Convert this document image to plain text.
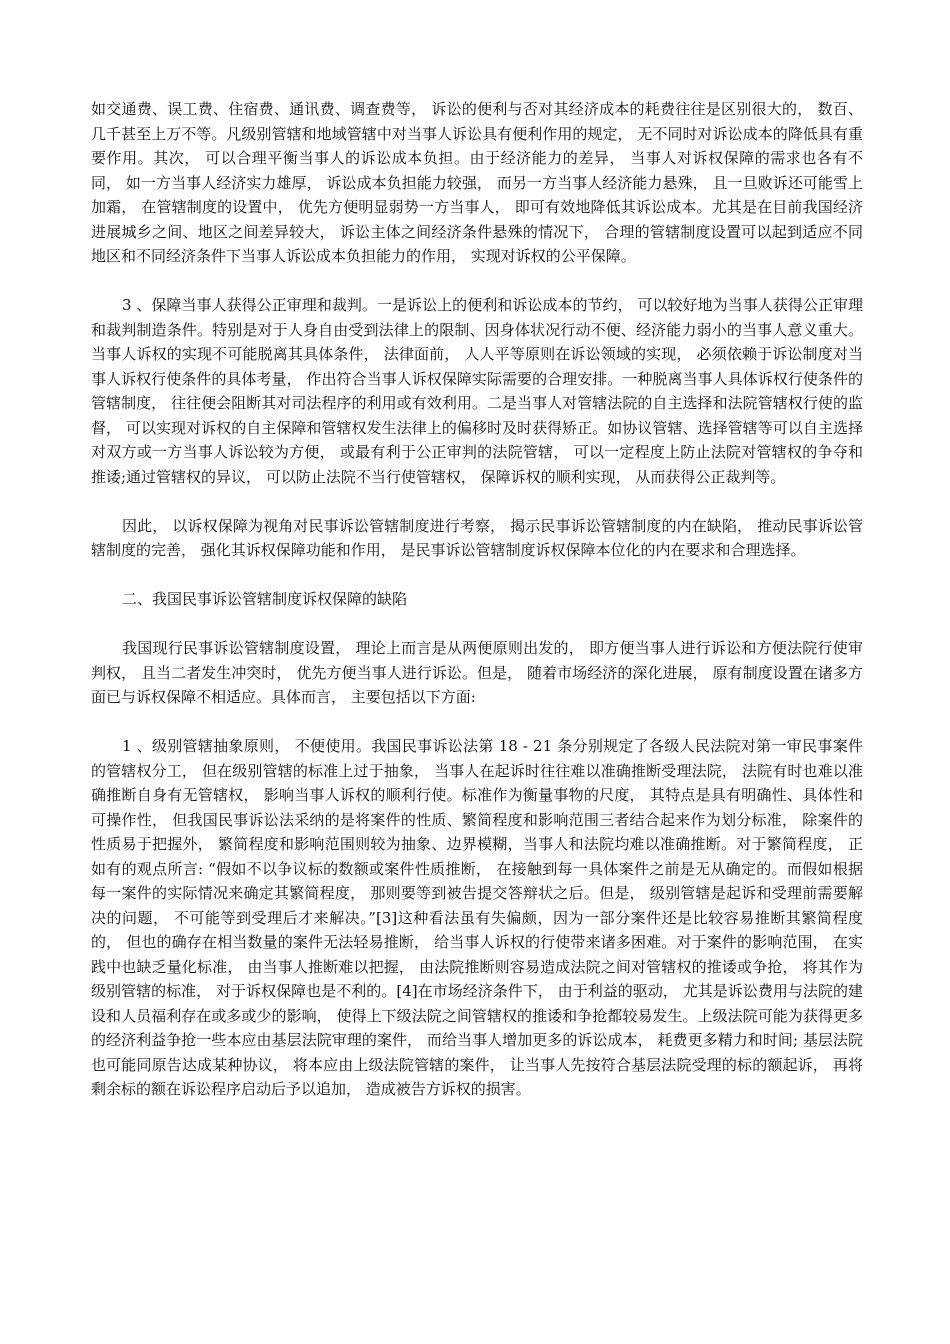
如交通费、误工费、住宿费、通讯费、调查费等， 诉讼的便利与否对其经济成本的耗费往往是区别很大的， 数百、几千甚至上万不等。凡级别管辖和地域管辖中对当事人诉讼具有便利作用的规定， 无不同时对诉讼成本的降低具有重要作用。其次， 可以合理平衡当事人的诉讼成本负担。由于经济能力的差异， 当事人对诉权保障的需求也各有不同， 如一方当事人经济实力雄厚， 诉讼成本负担能力较强， 而另一方当事人经济能力悬殊， 且一旦败诉还可能雪上加霜， 在管辖制度的设置中， 优先方便明显弱势一方当事人， 即可有效地降低其诉讼成本。尤其是在目前我国经济进展城乡之间、地区之间差异较大， 诉讼主体之间经济条件悬殊的情况下， 合理的管辖制度设置可以起到适应不同地区和不同经济条件下当事人诉讼成本负担能力的作用， 实现对诉权的公平保障。

3 、保障当事人获得公正审理和裁判。一是诉讼上的便利和诉讼成本的节约， 可以较好地为当事人获得公正审理和裁判制造条件。特别是对于人身自由受到法律上的限制、因身体状况行动不便、经济能力弱小的当事人意义重大。当事人诉权的实现不可能脱离其具体条件， 法律面前， 人人平等原则在诉讼领域的实现， 必须依赖于诉讼制度对当事人诉权行使条件的具体考量， 作出符合当事人诉权保障实际需要的合理安排。一种脱离当事人具体诉权行使条件的管辖制度， 往往便会阻断其对司法程序的利用或有效利用。二是当事人对管辖法院的自主选择和法院管辖权行使的监督， 可以实现对诉权的自主保障和管辖权发生法律上的偏移时及时获得矫正。如协议管辖、选择管辖等可以自主选择对双方或一方当事人诉讼较为方便， 或最有利于公正审判的法院管辖， 可以一定程度上防止法院对管辖权的争夺和推诿;通过管辖权的异议， 可以防止法院不当行使管辖权， 保障诉权的顺利实现， 从而获得公正裁判等。

因此， 以诉权保障为视角对民事诉讼管辖制度进行考察， 揭示民事诉讼管辖制度的内在缺陷， 推动民事诉讼管辖制度的完善， 强化其诉权保障功能和作用， 是民事诉讼管辖制度诉权保障本位化的内在要求和合理选择。

二、我国民事诉讼管辖制度诉权保障的缺陷

我国现行民事诉讼管辖制度设置， 理论上而言是从两便原则出发的， 即方便当事人进行诉讼和方便法院行使审判权， 且当二者发生冲突时， 优先方便当事人进行诉讼。但是， 随着市场经济的深化进展， 原有制度设置在诸多方面已与诉权保障不相适应。具体而言， 主要包括以下方面:

1 、级别管辖抽象原则， 不便使用。我国民事诉讼法第 18 - 21 条分别规定了各级人民法院对第一审民事案件的管辖权分工， 但在级别管辖的标准上过于抽象， 当事人在起诉时往往难以准确推断受理法院， 法院有时也难以准确推断自身有无管辖权， 影响当事人诉权的顺利行使。标准作为衡量事物的尺度， 其特点是具有明确性、具体性和可操作性， 但我国民事诉讼法采纳的是将案件的性质、繁简程度和影响范围三者结合起来作为划分标准， 除案件的性质易于把握外， 繁简程度和影响范围则较为抽象、边界模糊，当事人和法院均难以准确推断。对于繁简程度， 正如有的观点所言: “假如不以争议标的数额或案件性质推断， 在接触到每一具体案件之前是无从确定的。而假如根据每一案件的实际情况来确定其繁简程度， 那则要等到被告提交答辩状之后。但是， 级别管辖是起诉和受理前需要解决的问题， 不可能等到受理后才来解决。”[3]这种看法虽有失偏颇，因为一部分案件还是比较容易推断其繁简程度的， 但也的确存在相当数量的案件无法轻易推断， 给当事人诉权的行使带来诸多困难。对于案件的影响范围， 在实践中也缺乏量化标准， 由当事人推断难以把握， 由法院推断则容易造成法院之间对管辖权的推诿或争抢， 将其作为级别管辖的标准， 对于诉权保障也是不利的。[4]在市场经济条件下， 由于利益的驱动， 尤其是诉讼费用与法院的建设和人员福利存在或多或少的影响， 使得上下级法院之间管辖权的推诿和争抢都较易发生。上级法院可能为获得更多的经济利益争抢一些本应由基层法院审理的案件， 而给当事人增加更多的诉讼成本， 耗费更多精力和时间; 基层法院也可能同原告达成某种协议， 将本应由上级法院管辖的案件， 让当事人先按符合基层法院受理的标的额起诉， 再将剩余标的额在诉讼程序启动后予以追加， 造成被告方诉权的损害。
